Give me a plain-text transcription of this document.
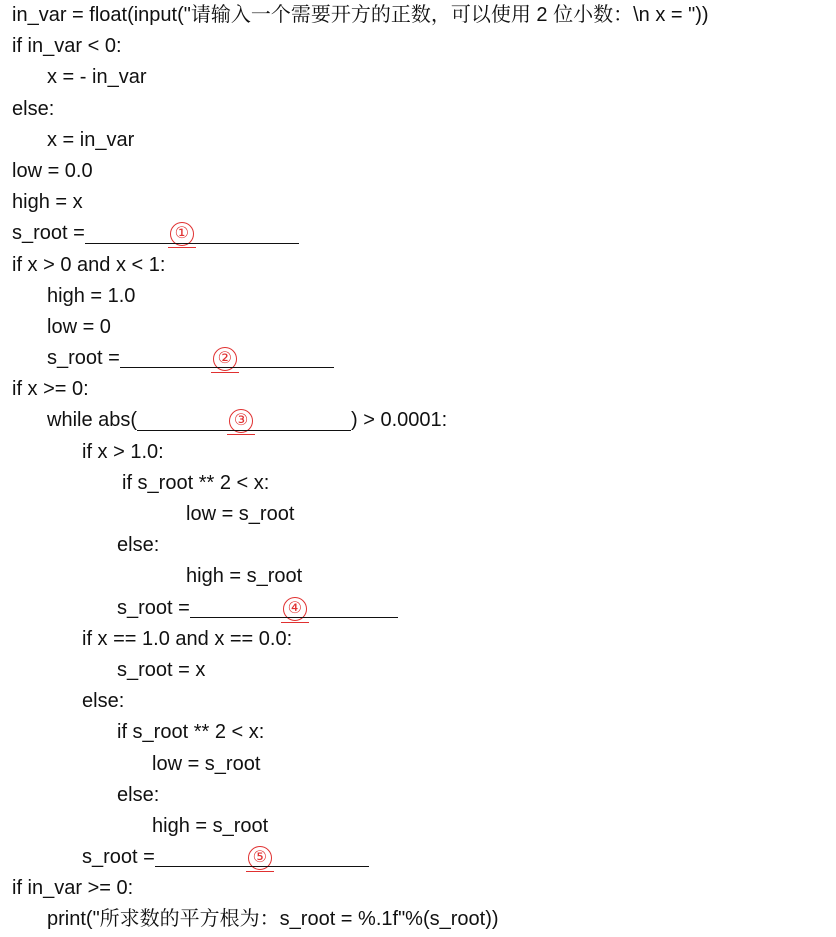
in_var = float(input("请输入一个需要开方的正数，可以使用 2 位小数：\n x = "))
if in_var < 0:
x = - in_var
else:
x = in_var
low = 0.0
high = x
s_root =	①
if x > 0 and x < 1:
high = 1.0
low = 0
s_root =	②
if x >= 0:
while abs(	③	) > 0.0001:
if x > 1.0:
if s_root ** 2 < x:
low = s_root
else:
high = s_root
s_root =	④
if x == 1.0 and x == 0.0:
s_root = x
else:
if s_root ** 2 < x:
low = s_root
else:
high = s_root
s_root =	⑤
if in_var >= 0:
print("所求数的平方根为：s_root = %.1f"%(s_root))
